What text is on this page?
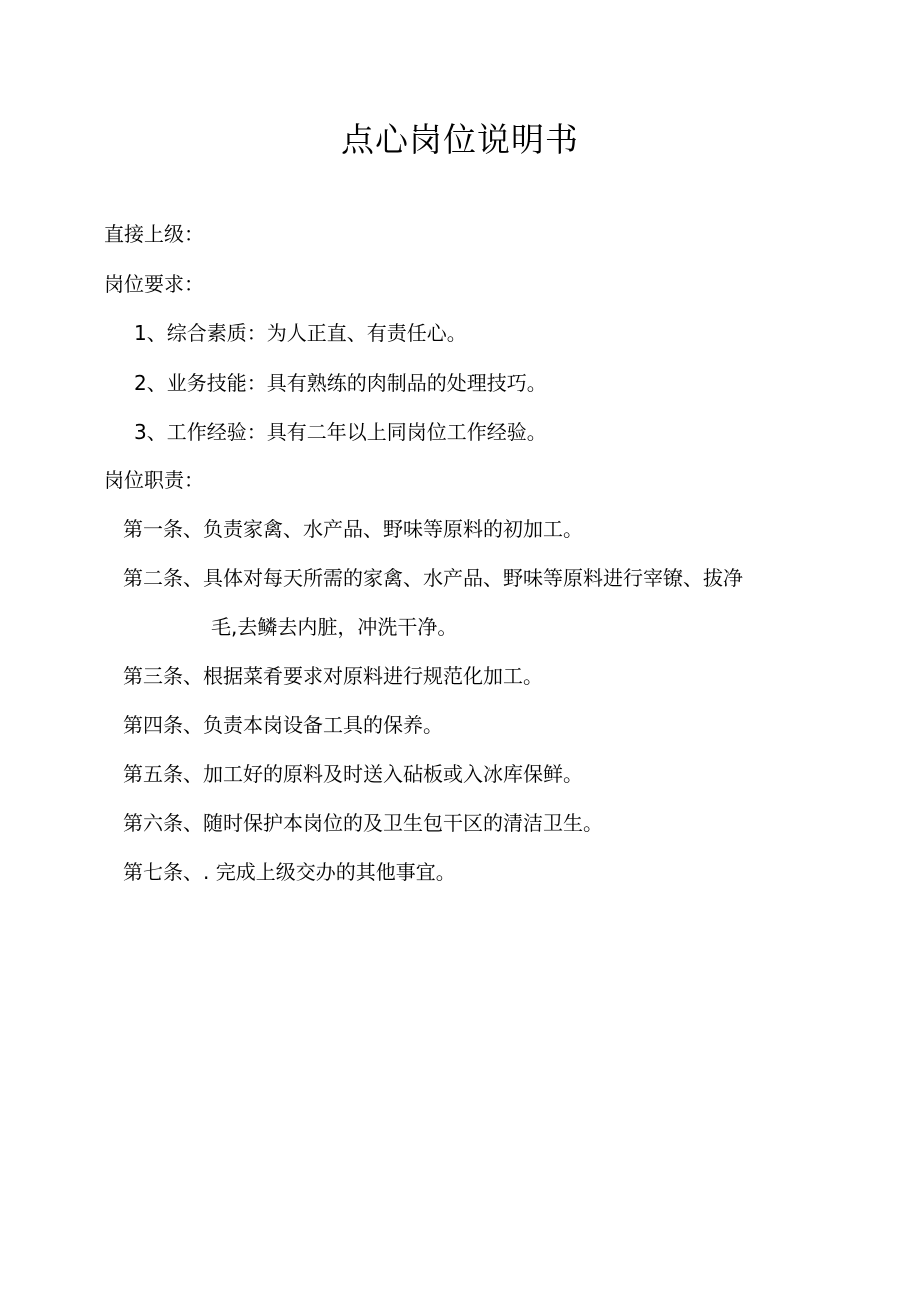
点心岗位说明书

直接上级：

岗位要求：

1、综合素质：为人正直、有责任心。

2、业务技能：具有熟练的肉制品的处理技巧。

3、工作经验：具有二年以上同岗位工作经验。

岗位职责：

第一条、负责家禽、水产品、野味等原料的初加工。

第二条、具体对每天所需的家禽、水产品、野味等原料进行宰镣、拔净

毛,去鳞去内脏，冲洗干净。

第三条、根据菜肴要求对原料进行规范化加工。

第四条、负责本岗设备工具的保养。

第五条、加工好的原料及时送入砧板或入冰库保鲜。

第六条、随时保护本岗位的及卫生包干区的清洁卫生。

第七条、. 完成上级交办的其他事宜。
